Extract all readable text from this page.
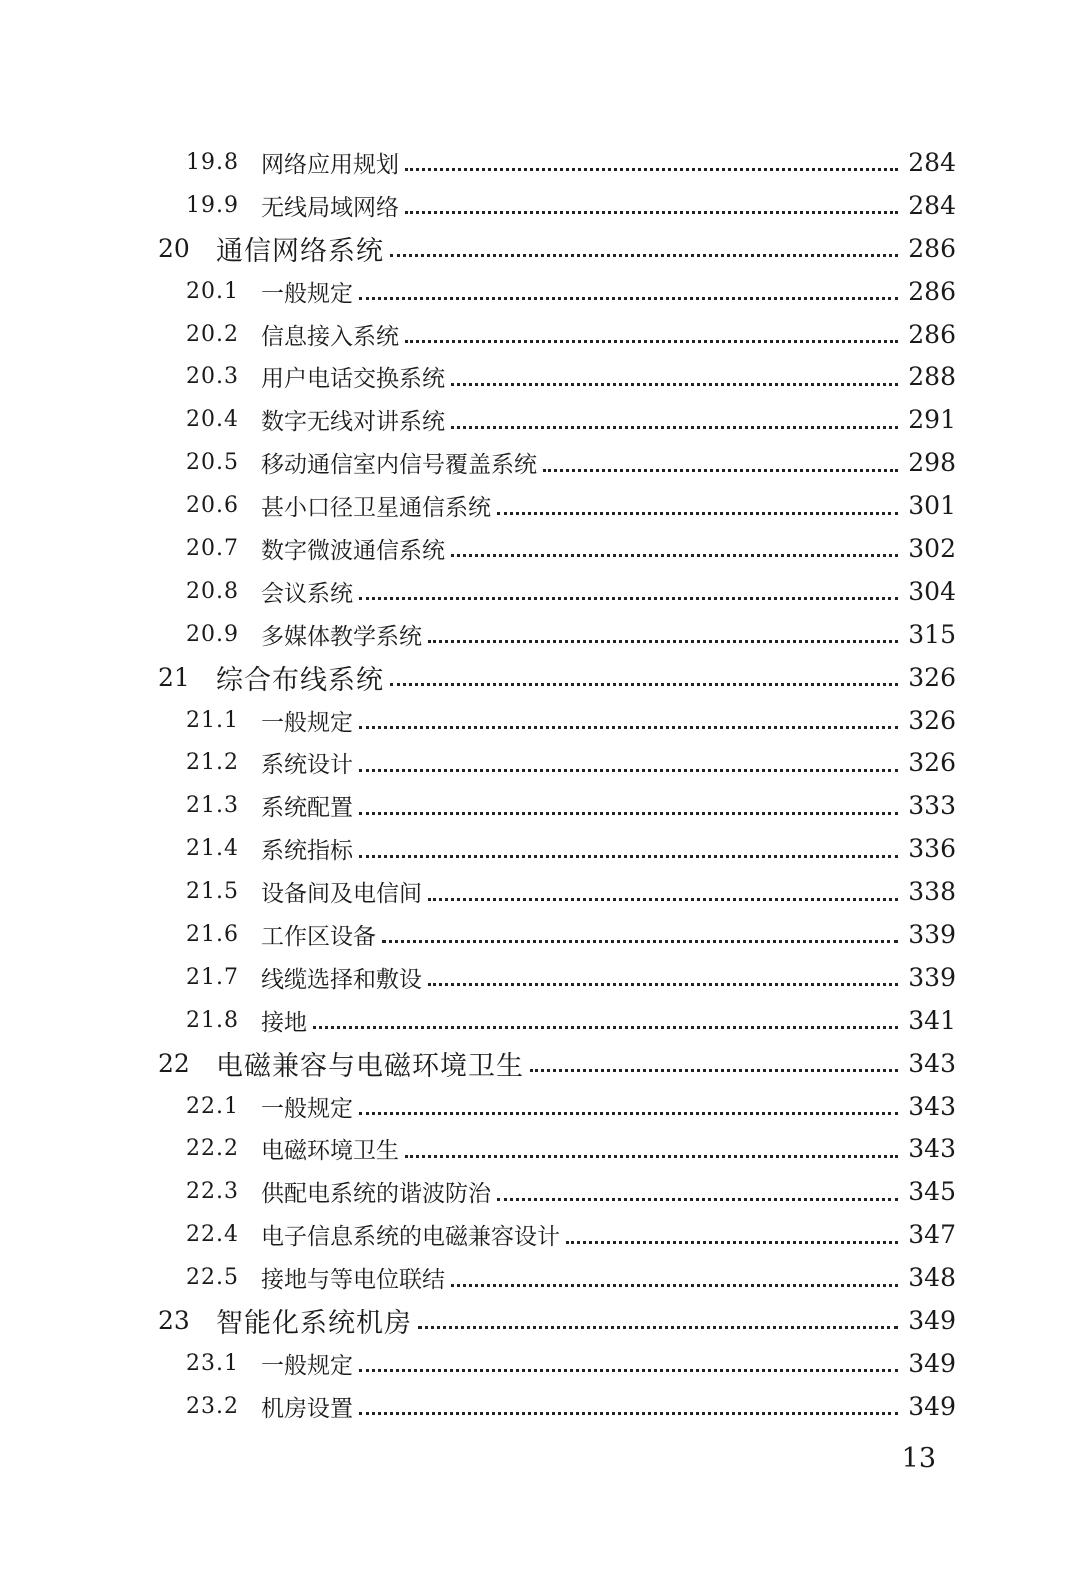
19.8 网络应用规划	284
19.9 无线局域网络	284
20 通信网络系统	286
20.1 一般规定	286
20.2 信息接入系统	286
20.3 用户电话交换系统	288
20.4 数字无线对讲系统	291
20.5 移动通信室内信号覆盖系统	298
20.6 甚小口径卫星通信系统	301
20.7 数字微波通信系统	302
20.8 会议系统	304
20.9 多媒体教学系统	315
21 综合布线系统	326
21.1 一般规定	326
21.2 系统设计	326
21.3 系统配置	333
21.4 系统指标	336
21.5 设备间及电信间	338
21.6 工作区设备	339
21.7 线缆选择和敷设	339
21.8 接地	341
22 电磁兼容与电磁环境卫生	343
22.1 一般规定	343
22.2 电磁环境卫生	343
22.3 供配电系统的谐波防治	345
22.4 电子信息系统的电磁兼容设计	347
22.5 接地与等电位联结	348
23 智能化系统机房	349
23.1 一般规定	349
23.2 机房设置	349
13
